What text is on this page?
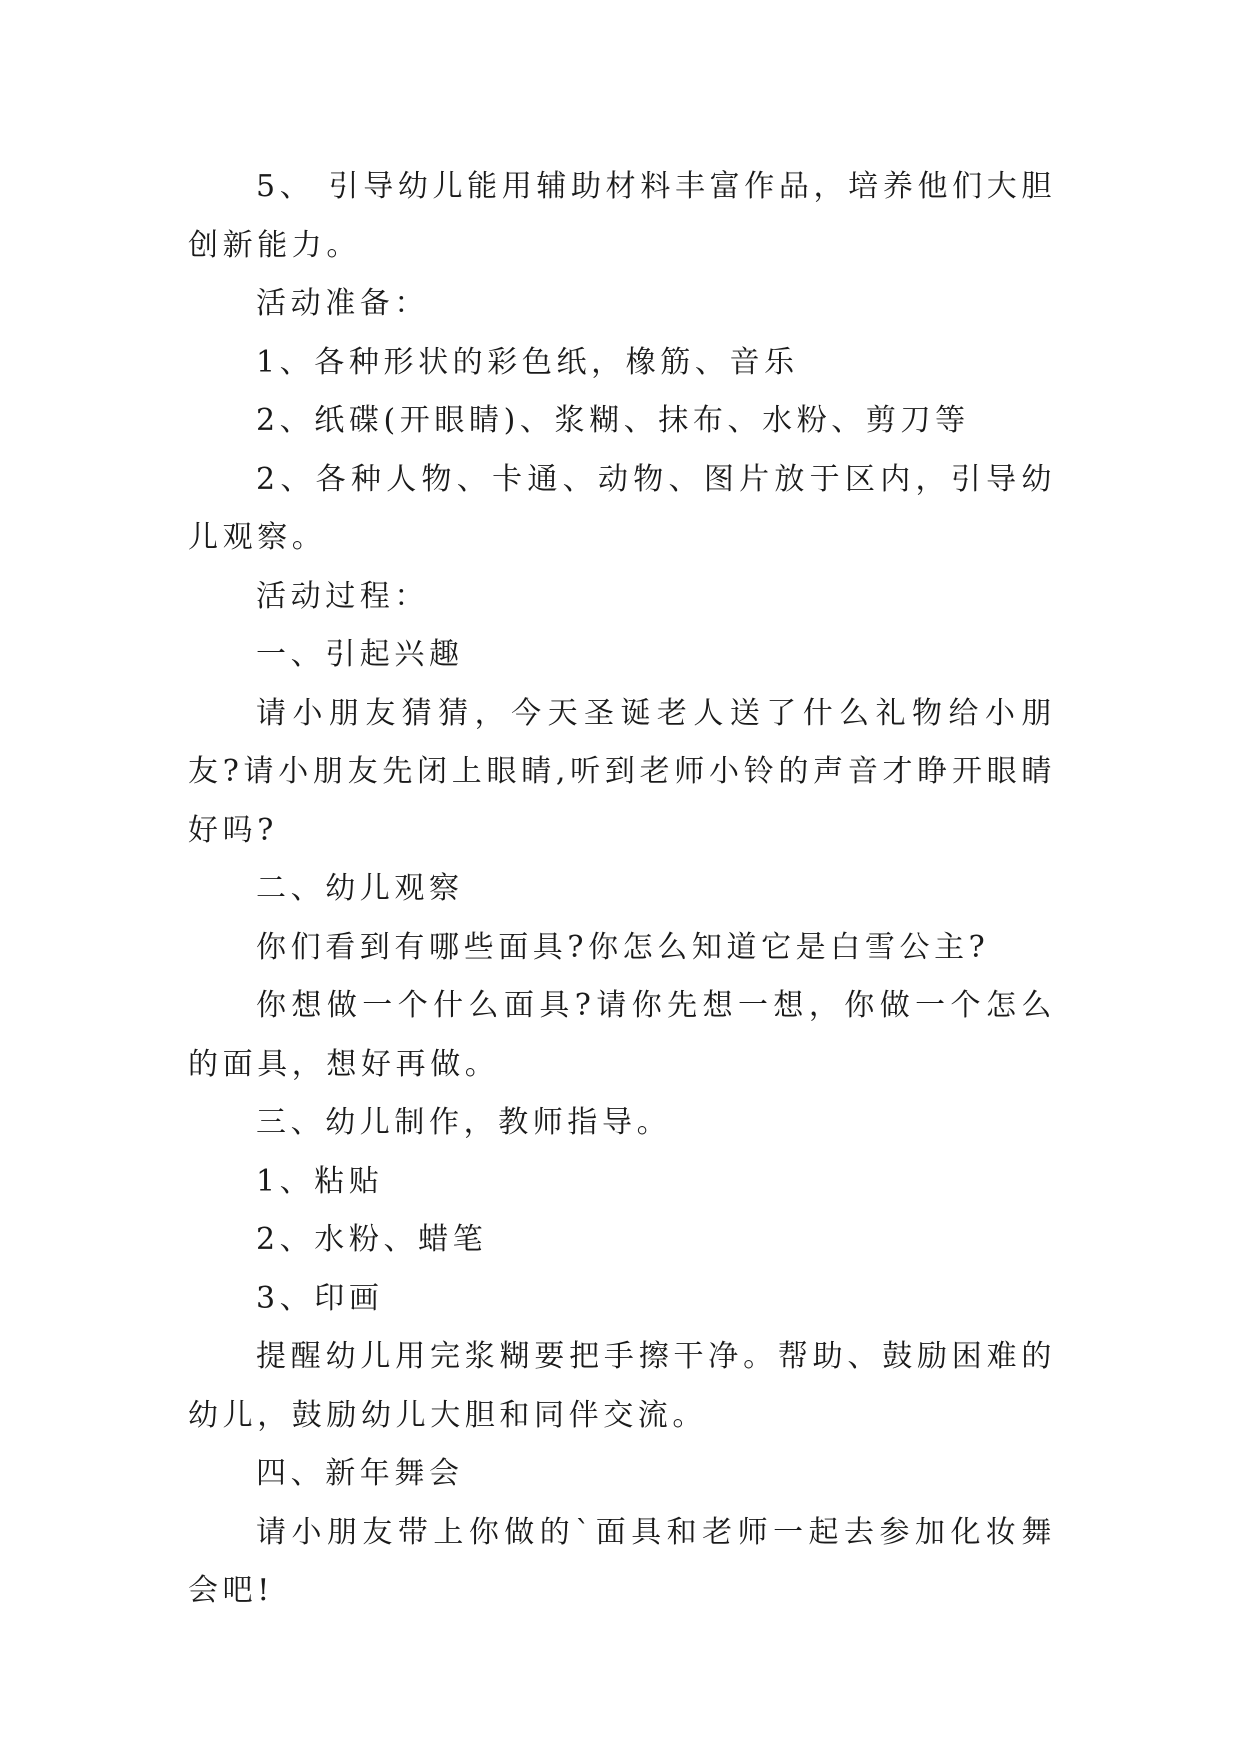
5、 引导幼儿能用辅助材料丰富作品，培养他们大胆创新能力。

活动准备：

1、各种形状的彩色纸，橡筋、音乐

2、纸碟(开眼睛)、浆糊、抹布、水粉、剪刀等

2、各种人物、卡通、动物、图片放于区内，引导幼儿观察。

活动过程：

一、引起兴趣

请小朋友猜猜，今天圣诞老人送了什么礼物给小朋友?请小朋友先闭上眼睛,听到老师小铃的声音才睁开眼睛好吗?

二、幼儿观察

你们看到有哪些面具?你怎么知道它是白雪公主?

你想做一个什么面具?请你先想一想，你做一个怎么的面具，想好再做。

三、幼儿制作，教师指导。

1、粘贴

2、水粉、蜡笔

3、印画

提醒幼儿用完浆糊要把手擦干净。帮助、鼓励困难的幼儿，鼓励幼儿大胆和同伴交流。

四、新年舞会

请小朋友带上你做的`面具和老师一起去参加化妆舞会吧!
